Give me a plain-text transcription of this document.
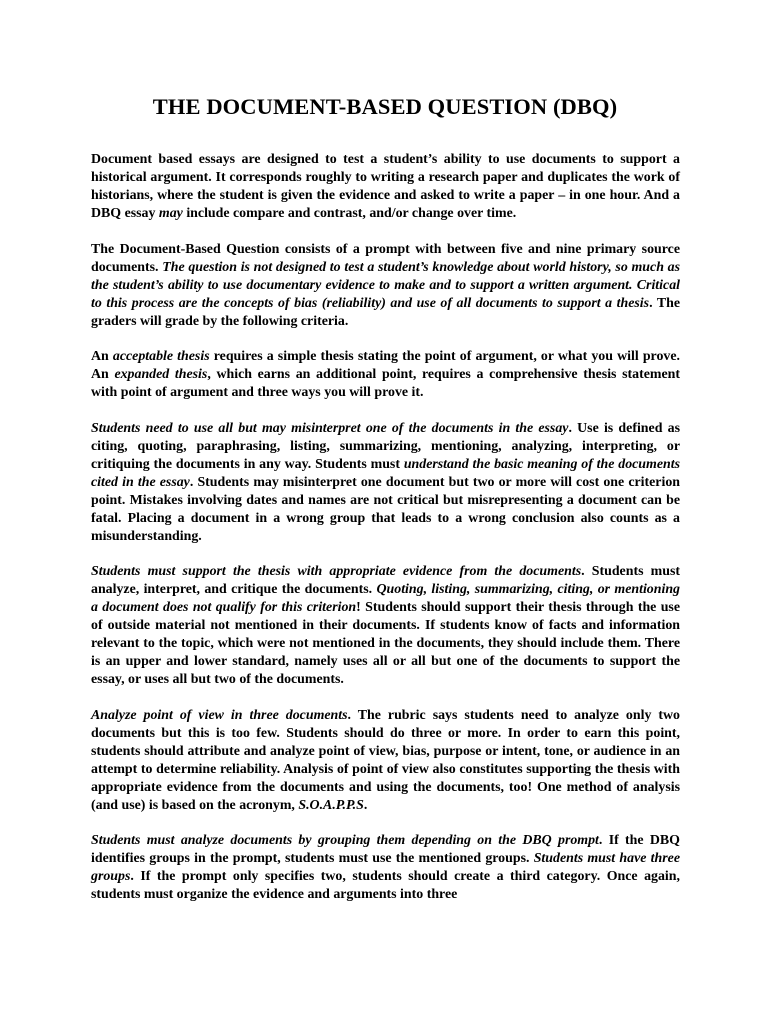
THE DOCUMENT-BASED QUESTION (DBQ)

Document based essays are designed to test a student’s ability to use documents to support a historical argument. It corresponds roughly to writing a research paper and duplicates the work of historians, where the student is given the evidence and asked to write a paper – in one hour. And a DBQ essay may include compare and contrast, and/or change over time.

The Document-Based Question consists of a prompt with between five and nine primary source documents. The question is not designed to test a student’s knowledge about world history, so much as the student’s ability to use documentary evidence to make and to support a written argument. Critical to this process are the concepts of bias (reliability) and use of all documents to support a thesis. The graders will grade by the following criteria.

An acceptable thesis requires a simple thesis stating the point of argument, or what you will prove. An expanded thesis, which earns an additional point, requires a comprehensive thesis statement with point of argument and three ways you will prove it.

Students need to use all but may misinterpret one of the documents in the essay. Use is defined as citing, quoting, paraphrasing, listing, summarizing, mentioning, analyzing, interpreting, or critiquing the documents in any way. Students must understand the basic meaning of the documents cited in the essay. Students may misinterpret one document but two or more will cost one criterion point. Mistakes involving dates and names are not critical but misrepresenting a document can be fatal. Placing a document in a wrong group that leads to a wrong conclusion also counts as a misunderstanding.

Students must support the thesis with appropriate evidence from the documents. Students must analyze, interpret, and critique the documents. Quoting, listing, summarizing, citing, or mentioning a document does not qualify for this criterion! Students should support their thesis through the use of outside material not mentioned in their documents. If students know of facts and information relevant to the topic, which were not mentioned in the documents, they should include them. There is an upper and lower standard, namely uses all or all but one of the documents to support the essay, or uses all but two of the documents.

Analyze point of view in three documents. The rubric says students need to analyze only two documents but this is too few. Students should do three or more. In order to earn this point, students should attribute and analyze point of view, bias, purpose or intent, tone, or audience in an attempt to determine reliability. Analysis of point of view also constitutes supporting the thesis with appropriate evidence from the documents and using the documents, too! One method of analysis (and use) is based on the acronym, S.O.A.P.P.S.

Students must analyze documents by grouping them depending on the DBQ prompt. If the DBQ identifies groups in the prompt, students must use the mentioned groups. Students must have three groups. If the prompt only specifies two, students should create a third category. Once again, students must organize the evidence and arguments into three
